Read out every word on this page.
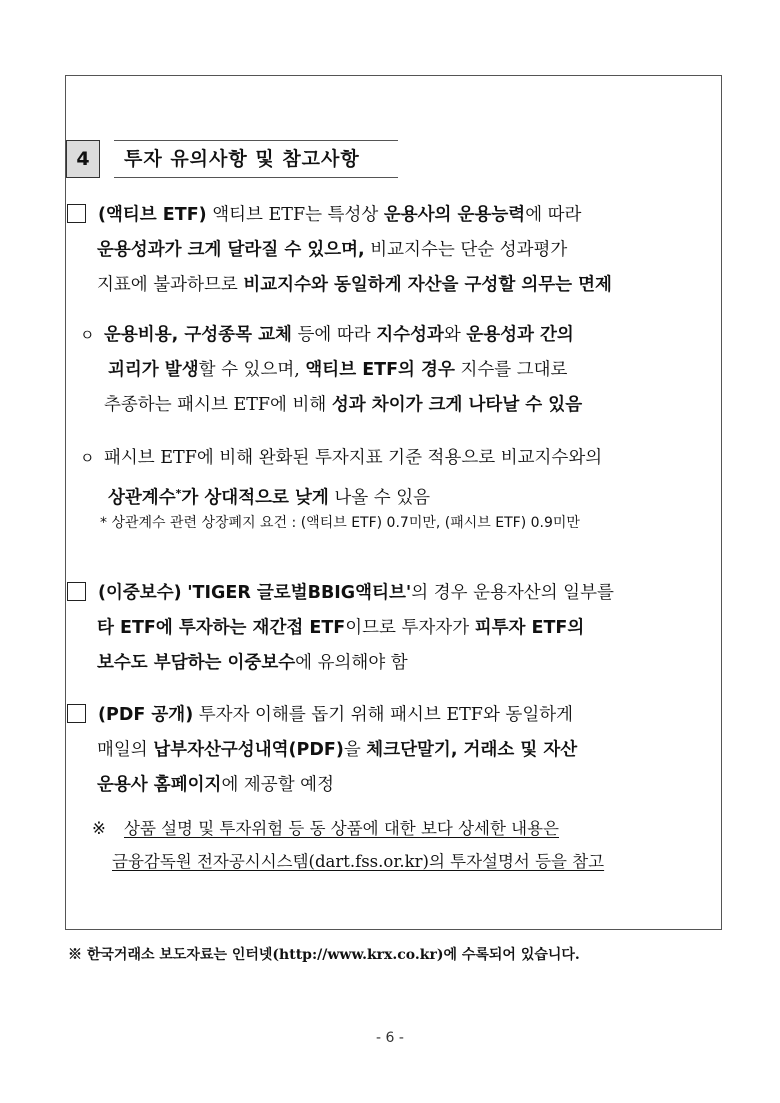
4	투자 유의사항 및 참고사항
(액티브 ETF) 액티브 ETF는 특성상 운용사의 운용능력에 따라
운용성과가 크게 달라질 수 있으며, 비교지수는 단순 성과평가
지표에 불과하므로 비교지수와 동일하게 자산을 구성할 의무는 면제
ㅇ 운용비용, 구성종목 교체 등에 따라 지수성과와 운용성과 간의
괴리가 발생할 수 있으며, 액티브 ETF의 경우 지수를 그대로
추종하는 패시브 ETF에 비해 성과 차이가 크게 나타날 수 있음
ㅇ 패시브 ETF에 비해 완화된 투자지표 기준 적용으로 비교지수와의
상관계수*가 상대적으로 낮게 나올 수 있음
* 상관계수 관련 상장폐지 요건 : (액티브 ETF) 0.7미만, (패시브 ETF) 0.9미만
(이중보수) 'TIGER 글로벌BBIG액티브'의 경우 운용자산의 일부를
타 ETF에 투자하는 재간접 ETF이므로 투자자가 피투자 ETF의
보수도 부담하는 이중보수에 유의해야 함
(PDF 공개) 투자자 이해를 돕기 위해 패시브 ETF와 동일하게
매일의 납부자산구성내역(PDF)을 체크단말기, 거래소 및 자산
운용사 홈페이지에 제공할 예정
※ 상품 설명 및 투자위험 등 동 상품에 대한 보다 상세한 내용은
금융감독원 전자공시시스템(dart.fss.or.kr)의 투자설명서 등을 참고
※ 한국거래소 보도자료는 인터넷(http://www.krx.co.kr)에 수록되어 있습니다.
- 6 -
